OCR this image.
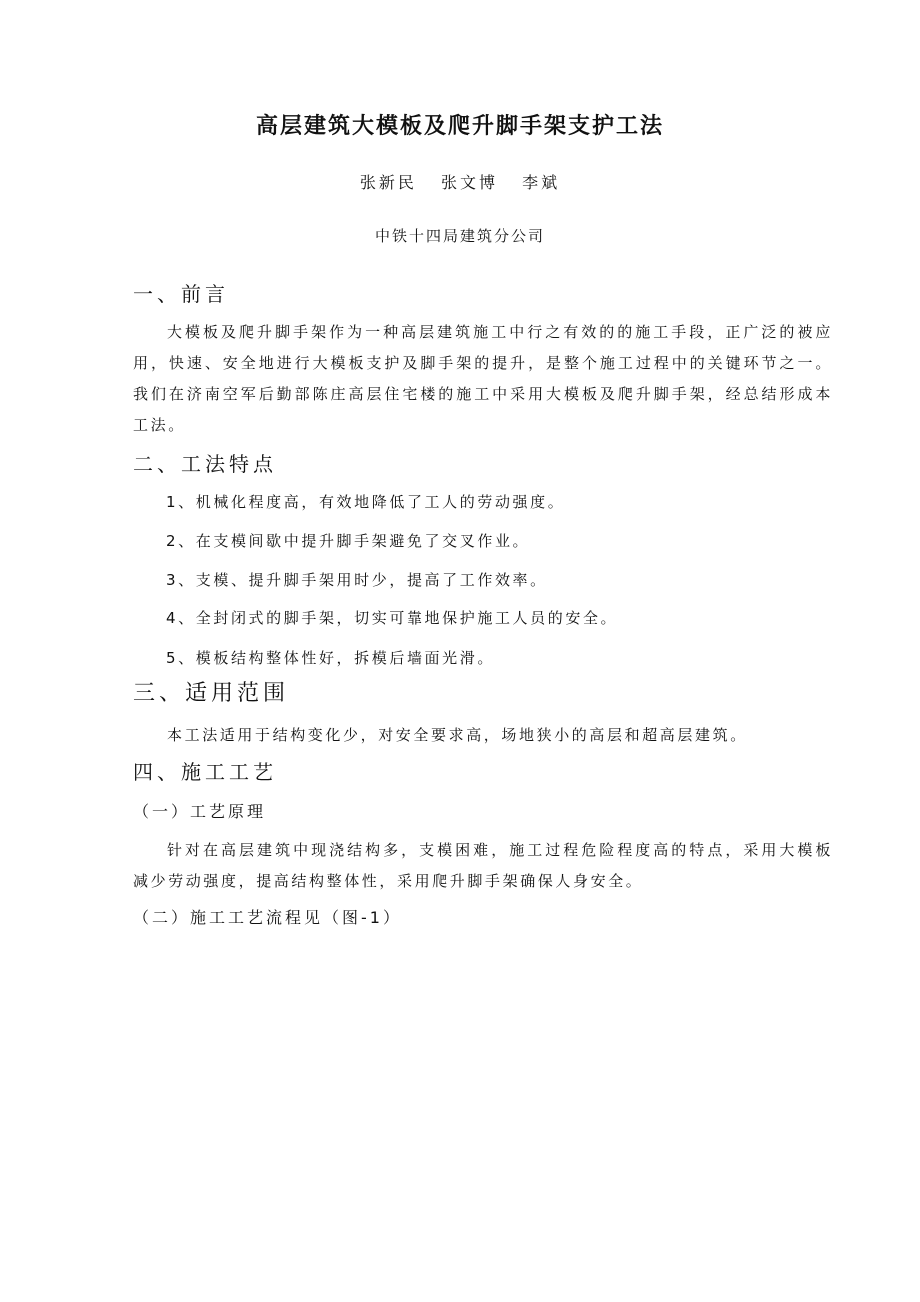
高层建筑大模板及爬升脚手架支护工法
张新民 张文博 李斌
中铁十四局建筑分公司
一、前言

大模板及爬升脚手架作为一种高层建筑施工中行之有效的的施工手段，正广泛的被应用，快速、安全地进行大模板支护及脚手架的提升，是整个施工过程中的关键环节之一。我们在济南空军后勤部陈庄高层住宅楼的施工中采用大模板及爬升脚手架，经总结形成本工法。

二、工法特点
1、机械化程度高，有效地降低了工人的劳动强度。
2、在支模间歇中提升脚手架避免了交叉作业。
3、支模、提升脚手架用时少，提高了工作效率。
4、全封闭式的脚手架，切实可靠地保护施工人员的安全。
5、模板结构整体性好，拆模后墙面光滑。
三、适用范围

本工法适用于结构变化少，对安全要求高，场地狭小的高层和超高层建筑。

四、施工工艺
（一）工艺原理

针对在高层建筑中现浇结构多，支模困难，施工过程危险程度高的特点，采用大模板减少劳动强度，提高结构整体性，采用爬升脚手架确保人身安全。

（二）施工工艺流程见（图-1）
